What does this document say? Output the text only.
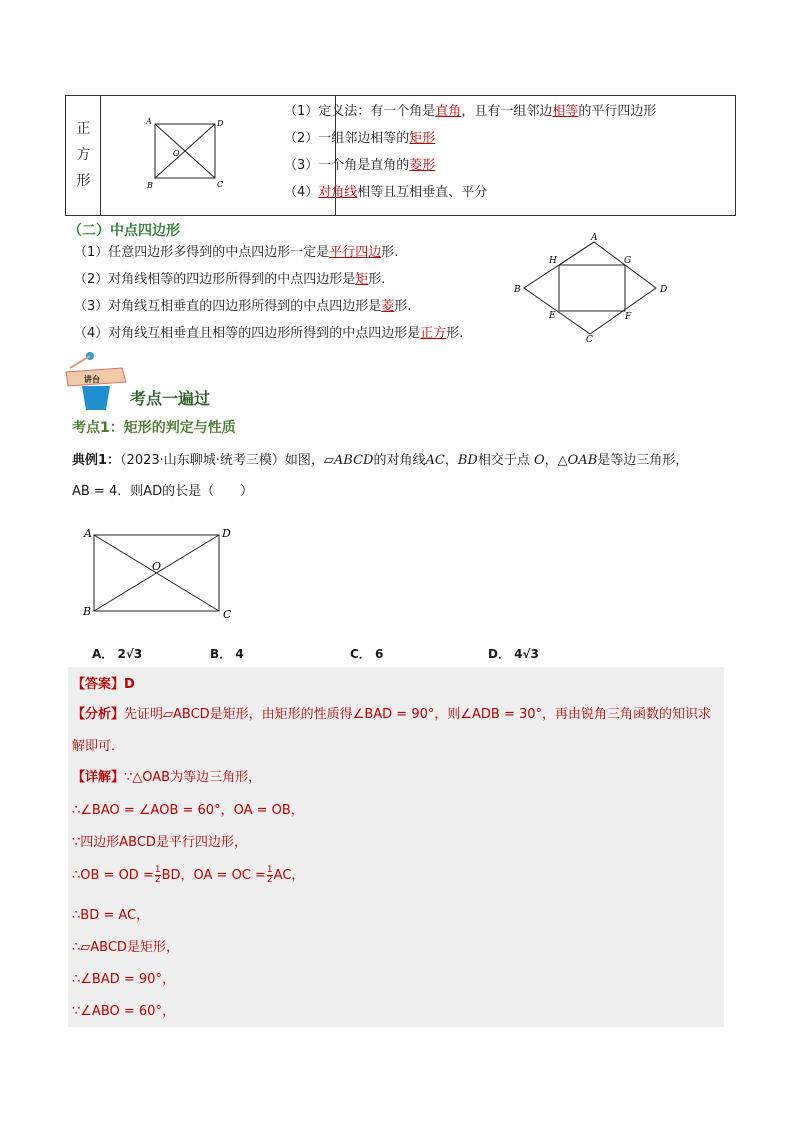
正
方
形
A	D
B	C
O
（1）定义法：有一个角是直角，且有一组邻边相等的平行四边形
（2）一组邻边相等的矩形
（3）一个角是直角的菱形
（4）对角线相等且互相垂直、平分
（二）中点四边形
（1）任意四边形多得到的中点四边形一定是平行四边形.
（2）对角线相等的四边形所得到的中点四边形是矩形.
（3）对角线互相垂直的四边形所得到的中点四边形是菱形.
（4）对角线互相垂直且相等的四边形所得到的中点四边形是正方形.
A
B
C
D
H	G
E	F
讲台
考点一遍过
考点1：矩形的判定与性质
典例1：（2023·山东聊城·统考三模）如图，▱ABCD的对角线AC，BD相交于点 O，△OAB是等边三角形，
AB = 4．则AD的长是（　　）
A	D
B	C
O
A． 2√3	B． 4	C． 6	D． 4√3
【答案】D
【分析】先证明▱ABCD是矩形，由矩形的性质得∠BAD = 90°，则∠ADB = 30°，再由锐角三角函数的知识求
解即可．
【详解】∵△OAB为等边三角形，
∴∠BAO = ∠AOB = 60°，OA = OB，
∵四边形ABCD是平行四边形，
∴OB = OD = $\frac{1}{2}$ BD，OA = OC = $\frac{1}{2}$ AC，
∴BD = AC，
∴▱ABCD是矩形，
∴∠BAD = 90°，
∵∠ABO = 60°，
